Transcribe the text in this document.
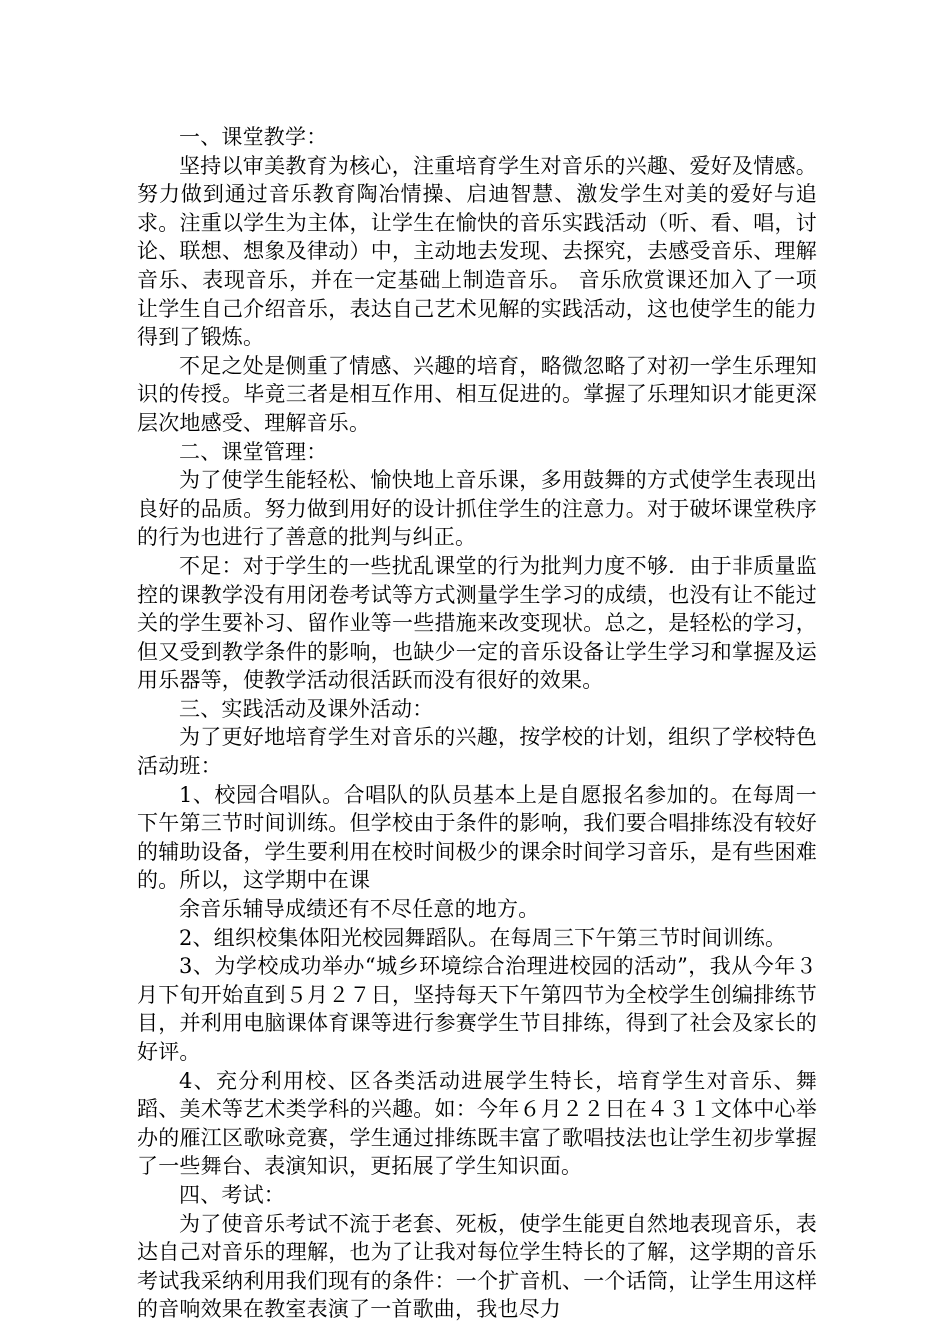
一、课堂教学：

坚持以审美教育为核心，注重培育学生对音乐的兴趣、爱好及情感。努力做到通过音乐教育陶冶情操、启迪智慧、激发学生对美的爱好与追求。注重以学生为主体，让学生在愉快的音乐实践活动（听、看、唱，讨论、联想、想象及律动）中，主动地去发现、去探究，去感受音乐、理解音乐、表现音乐，并在一定基础上制造音乐。 音乐欣赏课还加入了一项让学生自己介绍音乐，表达自己艺术见解的实践活动，这也使学生的能力得到了锻炼。

不足之处是侧重了情感、兴趣的培育，略微忽略了对初一学生乐理知识的传授。毕竟三者是相互作用、相互促进的。掌握了乐理知识才能更深层次地感受、理解音乐。

二、课堂管理：

为了使学生能轻松、愉快地上音乐课，多用鼓舞的方式使学生表现出良好的品质。努力做到用好的设计抓住学生的注意力。对于破坏课堂秩序的行为也进行了善意的批判与纠正。

不足：对于学生的一些扰乱课堂的行为批判力度不够．由于非质量监控的课教学没有用闭卷考试等方式测量学生学习的成绩，也没有让不能过关的学生要补习、留作业等一些措施来改变现状。总之，是轻松的学习，但又受到教学条件的影响，也缺少一定的音乐设备让学生学习和掌握及运用乐器等，使教学活动很活跃而没有很好的效果。

三、实践活动及课外活动：

为了更好地培育学生对音乐的兴趣，按学校的计划，组织了学校特色活动班：

1、校园合唱队。合唱队的队员基本上是自愿报名参加的。在每周一下午第三节时间训练。但学校由于条件的影响，我们要合唱排练没有较好的辅助设备，学生要利用在校时间极少的课余时间学习音乐，是有些困难的。所以，这学期中在课

余音乐辅导成绩还有不尽任意的地方。

2、组织校集体阳光校园舞蹈队。在每周三下午第三节时间训练。

3、为学校成功举办“城乡环境综合治理进校园的活动”，我从今年３月下旬开始直到５月２７日，坚持每天下午第四节为全校学生创编排练节目，并利用电脑课体育课等进行参赛学生节目排练，得到了社会及家长的好评。

4、充分利用校、区各类活动进展学生特长，培育学生对音乐、舞蹈、美术等艺术类学科的兴趣。如：今年６月２２日在４３１文体中心举办的雁江区歌咏竞赛，学生通过排练既丰富了歌唱技法也让学生初步掌握了一些舞台、表演知识，更拓展了学生知识面。

四、考试：

为了使音乐考试不流于老套、死板，使学生能更自然地表现音乐，表达自己对音乐的理解，也为了让我对每位学生特长的了解，这学期的音乐考试我采纳利用我们现有的条件：一个扩音机、一个话筒，让学生用这样的音响效果在教室表演了一首歌曲，我也尽力
